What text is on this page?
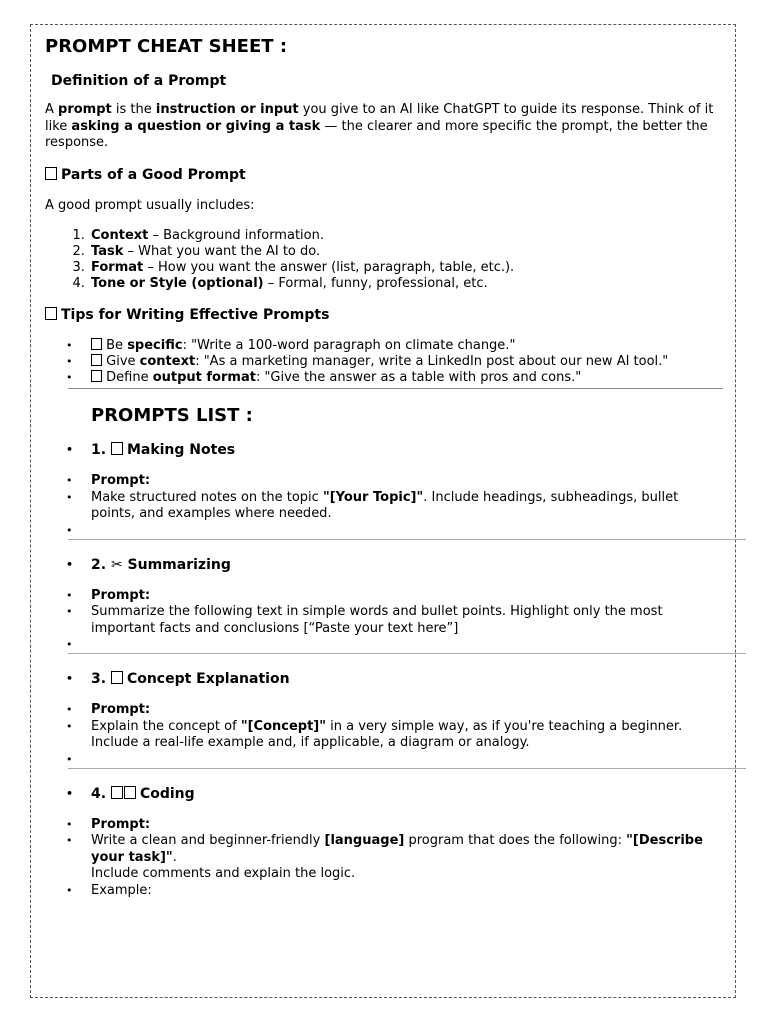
PROMPT CHEAT SHEET :
Definition of a Prompt

A prompt is the instruction or input you give to an AI like ChatGPT to guide its response. Think of it like asking a question or giving a task — the clearer and more specific the prompt, the better the response.

Parts of a Good Prompt

A good prompt usually includes:

1. Context – Background information.
2. Task – What you want the AI to do.
3. Format – How you want the answer (list, paragraph, table, etc.).
4. Tone or Style (optional) – Formal, funny, professional, etc.
Tips for Writing Effective Prompts
• Be specific: "Write a 100-word paragraph on climate change."
• Give context: "As a marketing manager, write a LinkedIn post about our new AI tool."
• Define output format: "Give the answer as a table with pros and cons."
PROMPTS LIST :
• 1. Making Notes
• Prompt:
• Make structured notes on the topic "[Your Topic]". Include headings, subheadings, bullet points, and examples where needed.
•
• 2. ✂ Summarizing
• Prompt:
• Summarize the following text in simple words and bullet points. Highlight only the most important facts and conclusions [“Paste your text here”]
•
• 3. Concept Explanation
• Prompt:
• Explain the concept of "[Concept]" in a very simple way, as if you're teaching a beginner. Include a real-life example and, if applicable, a diagram or analogy.
•
• 4. Coding
• Prompt:
• Write a clean and beginner-friendly [language] program that does the following: "[Describe your task]".
Include comments and explain the logic.
• Example:
